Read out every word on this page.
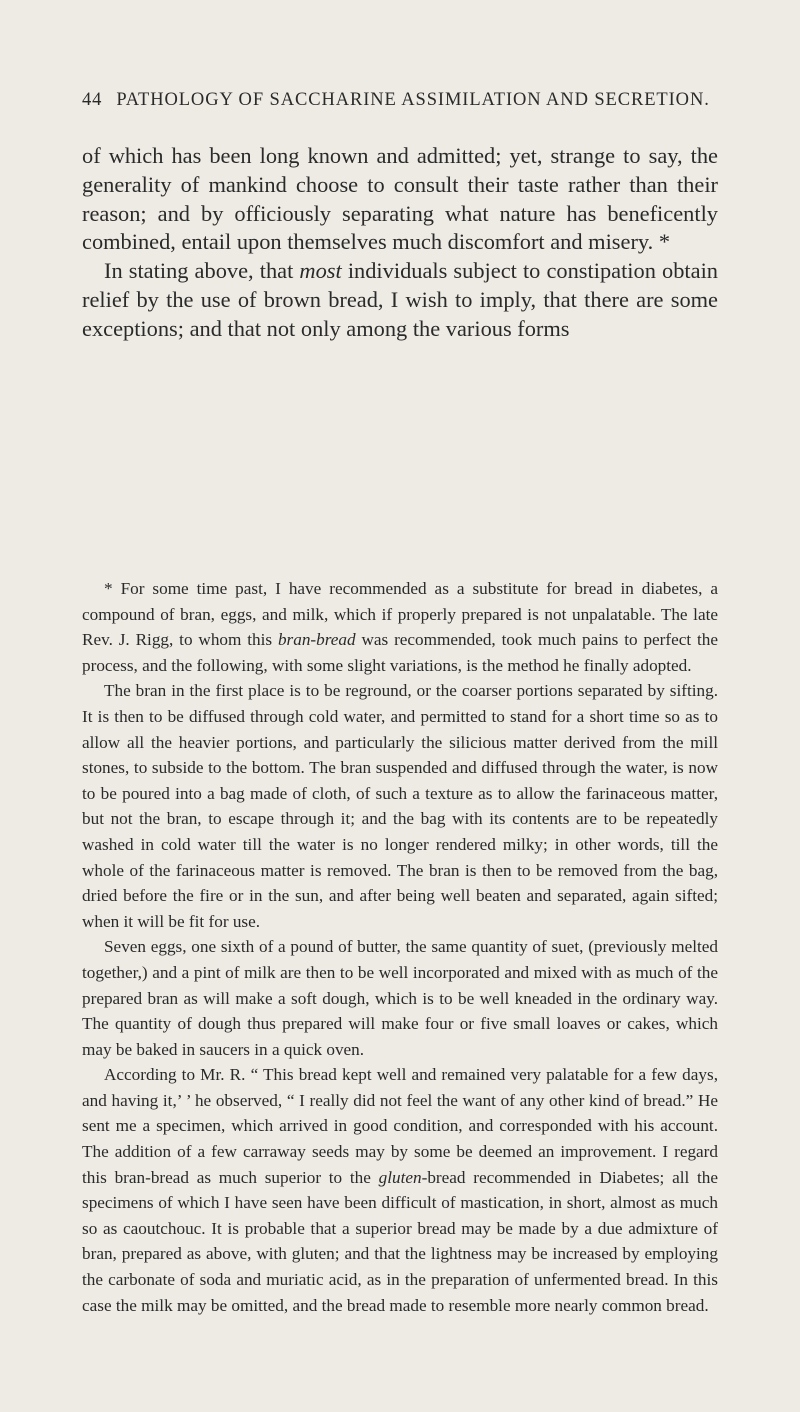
44 PATHOLOGY OF SACCHARINE ASSIMILATION AND SECRETION.

of which has been long known and admitted; yet, strange to say, the generality of mankind choose to consult their taste rather than their reason; and by officiously separating what nature has beneficently combined, entail upon themselves much discomfort and misery. *

In stating above, that most individuals subject to constipation obtain relief by the use of brown bread, I wish to imply, that there are some exceptions; and that not only among the various forms

* For some time past, I have recommended as a substitute for bread in diabetes, a compound of bran, eggs, and milk, which if properly prepared is not unpalatable. The late Rev. J. Rigg, to whom this bran-bread was recommended, took much pains to perfect the process, and the following, with some slight variations, is the method he finally adopted.

The bran in the first place is to be reground, or the coarser portions separated by sifting. It is then to be diffused through cold water, and permitted to stand for a short time so as to allow all the heavier portions, and particularly the silicious matter derived from the mill stones, to subside to the bottom. The bran suspended and diffused through the water, is now to be poured into a bag made of cloth, of such a texture as to allow the farinaceous matter, but not the bran, to escape through it; and the bag with its contents are to be repeatedly washed in cold water till the water is no longer rendered milky; in other words, till the whole of the farinaceous matter is removed. The bran is then to be removed from the bag, dried before the fire or in the sun, and after being well beaten and separated, again sifted; when it will be fit for use.

Seven eggs, one sixth of a pound of butter, the same quantity of suet, (previously melted together,) and a pint of milk are then to be well incorporated and mixed with as much of the prepared bran as will make a soft dough, which is to be well kneaded in the ordinary way. The quantity of dough thus prepared will make four or five small loaves or cakes, which may be baked in saucers in a quick oven.

According to Mr. R. “ This bread kept well and remained very palatable for a few days, and having it,’ ’ he observed, “ I really did not feel the want of any other kind of bread.” He sent me a specimen, which arrived in good condition, and corresponded with his account. The addition of a few carraway seeds may by some be deemed an improvement. I regard this bran-bread as much superior to the gluten-bread recommended in Diabetes; all the specimens of which I have seen have been difficult of mastication, in short, almost as much so as caoutchouc. It is probable that a superior bread may be made by a due admixture of bran, prepared as above, with gluten; and that the lightness may be increased by employing the carbonate of soda and muriatic acid, as in the preparation of unfermented bread. In this case the milk may be omitted, and the bread made to resemble more nearly common bread.
